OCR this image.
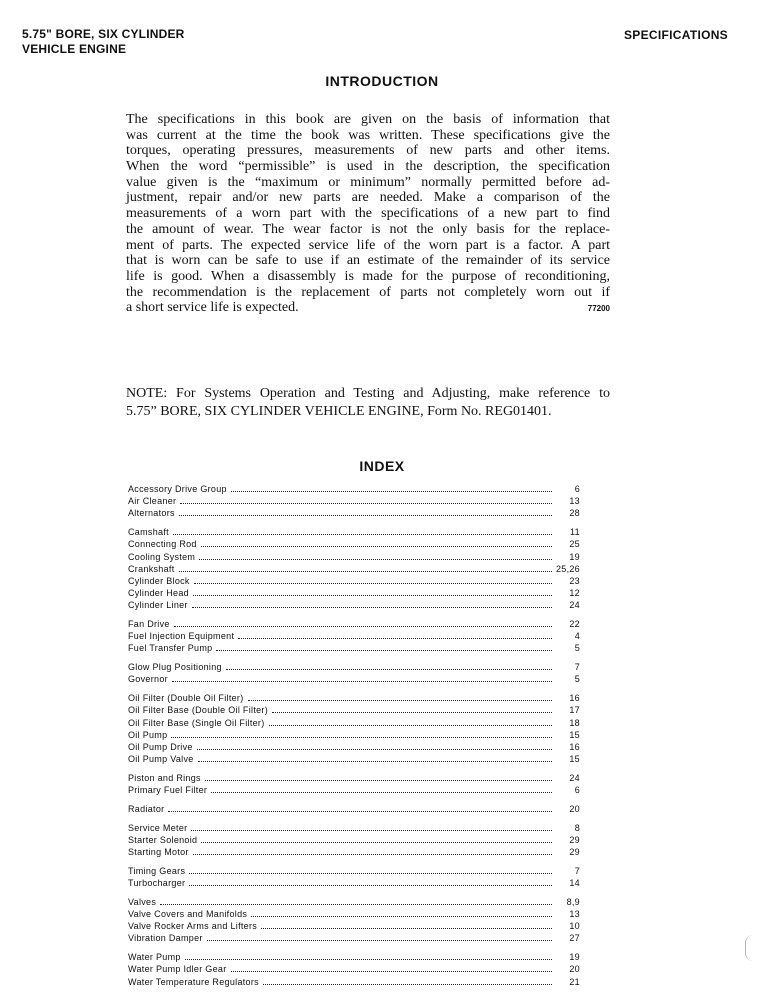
5.75" BORE, SIX CYLINDER
VEHICLE ENGINE
SPECIFICATIONS
INTRODUCTION
The specifications in this book are given on the basis of information that
was current at the time the book was written. These specifications give the
torques, operating pressures, measurements of new parts and other items.
When the word “permissible” is used in the description, the specification
value given is the “maximum or minimum” normally permitted before ad-
justment, repair and/or new parts are needed. Make a comparison of the
measurements of a worn part with the specifications of a new part to find
the amount of wear. The wear factor is not the only basis for the replace-
ment of parts. The expected service life of the worn part is a factor. A part
that is worn can be safe to use if an estimate of the remainder of its service
life is good. When a disassembly is made for the purpose of reconditioning,
the recommendation is the replacement of parts not completely worn out if
a short service life is expected.	77200
NOTE: For Systems Operation and Testing and Adjusting, make reference to
5.75” BORE, SIX CYLINDER VEHICLE ENGINE, Form No. REG01401.
INDEX
Accessory Drive Group	6
Air Cleaner	13
Alternators	28
Camshaft	11
Connecting Rod	25
Cooling System	19
Crankshaft	25,26
Cylinder Block	23
Cylinder Head	12
Cylinder Liner	24
Fan Drive	22
Fuel Injection Equipment	4
Fuel Transfer Pump	5
Glow Plug Positioning	7
Governor	5
Oil Filter (Double Oil Filter)	16
Oil Filter Base (Double Oil Filter)	17
Oil Filter Base (Single Oil Filter)	18
Oil Pump	15
Oil Pump Drive	16
Oil Pump Valve	15
Piston and Rings	24
Primary Fuel Filter	6
Radiator	20
Service Meter	8
Starter Solenoid	29
Starting Motor	29
Timing Gears	7
Turbocharger	14
Valves	8,9
Valve Covers and Manifolds	13
Valve Rocker Arms and Lifters	10
Vibration Damper	27
Water Pump	19
Water Pump Idler Gear	20
Water Temperature Regulators	21
